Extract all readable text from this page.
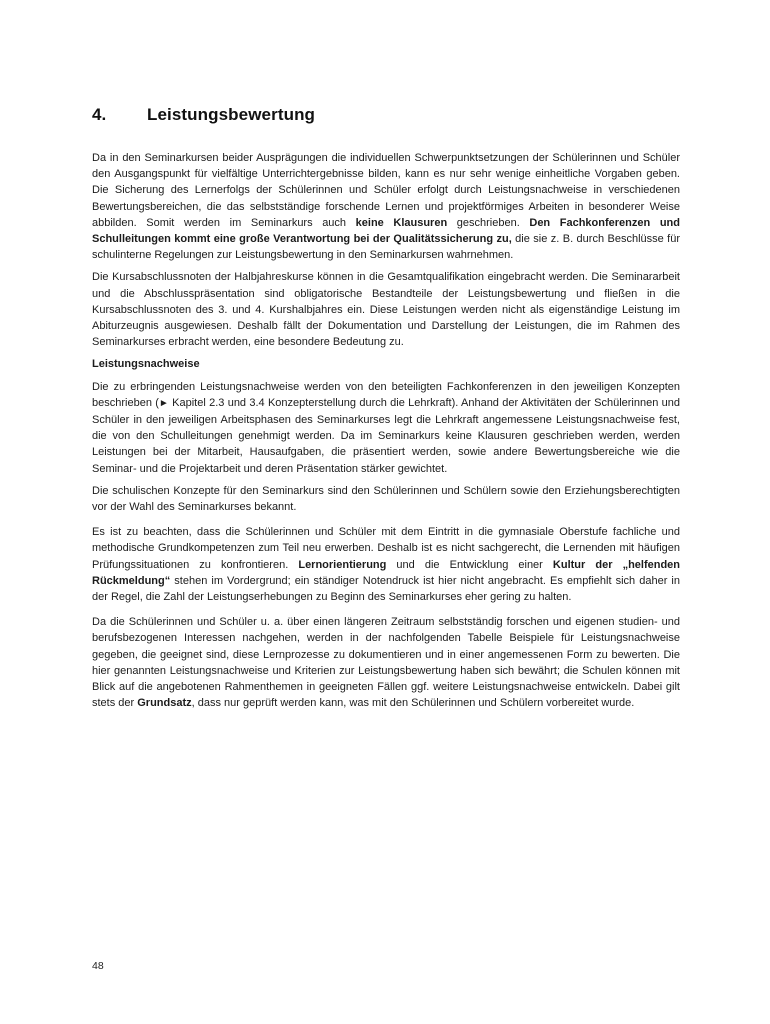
4. Leistungsbewertung

Da in den Seminarkursen beider Ausprägungen die individuellen Schwerpunktsetzungen der Schülerinnen und Schüler den Ausgangspunkt für vielfältige Unterrichtergebnisse bilden, kann es nur sehr wenige einheitliche Vorgaben geben. Die Sicherung des Lernerfolgs der Schülerinnen und Schüler erfolgt durch Leistungsnachweise in verschiedenen Bewertungsbereichen, die das selbstständige forschende Lernen und projektförmiges Arbeiten in besonderer Weise abbilden. Somit werden im Seminarkurs auch keine Klausuren geschrieben. Den Fachkonferenzen und Schulleitungen kommt eine große Verantwortung bei der Qualitätssicherung zu, die sie z. B. durch Beschlüsse für schulinterne Regelungen zur Leistungsbewertung in den Seminarkursen wahrnehmen.

Die Kursabschlussnoten der Halbjahreskurse können in die Gesamtqualifikation eingebracht werden. Die Seminararbeit und die Abschlusspräsentation sind obligatorische Bestandteile der Leistungsbewertung und fließen in die Kursabschlussnoten des 3. und 4. Kurshalbjahres ein. Diese Leistungen werden nicht als eigenständige Leistung im Abiturzeugnis ausgewiesen. Deshalb fällt der Dokumentation und Darstellung der Leistungen, die im Rahmen des Seminarkurses erbracht werden, eine besondere Bedeutung zu.

Leistungsnachweise

Die zu erbringenden Leistungsnachweise werden von den beteiligten Fachkonferenzen in den jeweiligen Konzepten beschrieben (► Kapitel 2.3 und 3.4 Konzepterstellung durch die Lehrkraft). Anhand der Aktivitäten der Schülerinnen und Schüler in den jeweiligen Arbeitsphasen des Seminarkurses legt die Lehrkraft angemessene Leistungsnachweise fest, die von den Schulleitungen genehmigt werden. Da im Seminarkurs keine Klausuren geschrieben werden, werden Leistungen bei der Mitarbeit, Hausaufgaben, die präsentiert werden, sowie andere Bewertungsbereiche wie die Seminar- und die Projektarbeit und deren Präsentation stärker gewichtet.

Die schulischen Konzepte für den Seminarkurs sind den Schülerinnen und Schülern sowie den Erziehungsberechtigten vor der Wahl des Seminarkurses bekannt.

Es ist zu beachten, dass die Schülerinnen und Schüler mit dem Eintritt in die gymnasiale Oberstufe fachliche und methodische Grundkompetenzen zum Teil neu erwerben. Deshalb ist es nicht sachgerecht, die Lernenden mit häufigen Prüfungssituationen zu konfrontieren. Lernorientierung und die Entwicklung einer Kultur der „helfenden Rückmeldung“ stehen im Vordergrund; ein ständiger Notendruck ist hier nicht angebracht. Es empfiehlt sich daher in der Regel, die Zahl der Leistungserhebungen zu Beginn des Seminarkurses eher gering zu halten.

Da die Schülerinnen und Schüler u. a. über einen längeren Zeitraum selbstständig forschen und eigenen studien- und berufsbezogenen Interessen nachgehen, werden in der nachfolgenden Tabelle Beispiele für Leistungsnachweise gegeben, die geeignet sind, diese Lernprozesse zu dokumentieren und in einer angemessenen Form zu bewerten. Die hier genannten Leistungsnachweise und Kriterien zur Leistungsbewertung haben sich bewährt; die Schulen können mit Blick auf die angebotenen Rahmenthemen in geeigneten Fällen ggf. weitere Leistungsnachweise entwickeln. Dabei gilt stets der Grundsatz, dass nur geprüft werden kann, was mit den Schülerinnen und Schülern vorbereitet wurde.

48
